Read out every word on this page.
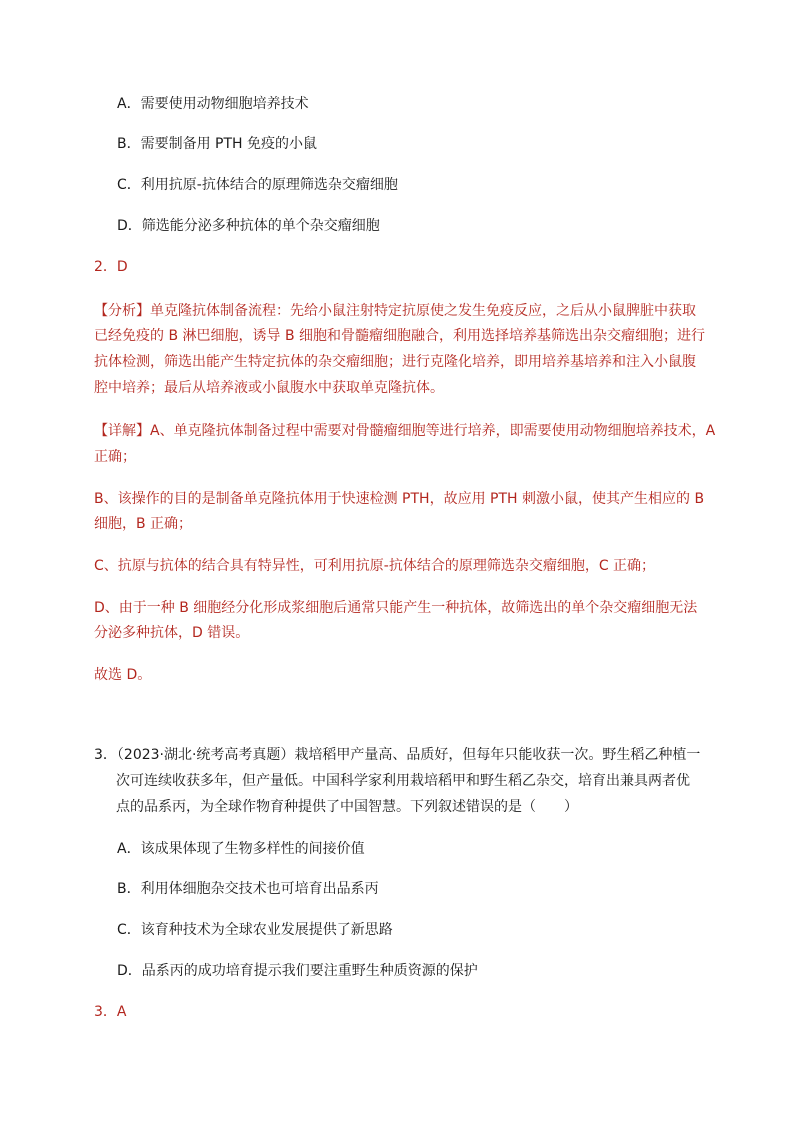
A．需要使用动物细胞培养技术
B．需要制备用 PTH 免疫的小鼠
C．利用抗原-抗体结合的原理筛选杂交瘤细胞
D．筛选能分泌多种抗体的单个杂交瘤细胞
2．D
【分析】单克隆抗体制备流程：先给小鼠注射特定抗原使之发生免疫反应，之后从小鼠脾脏中获取
已经免疫的 B 淋巴细胞，诱导 B 细胞和骨髓瘤细胞融合，利用选择培养基筛选出杂交瘤细胞；进行
抗体检测，筛选出能产生特定抗体的杂交瘤细胞；进行克隆化培养，即用培养基培养和注入小鼠腹
腔中培养；最后从培养液或小鼠腹水中获取单克隆抗体。
【详解】A、单克隆抗体制备过程中需要对骨髓瘤细胞等进行培养，即需要使用动物细胞培养技术，A
正确；
B、该操作的目的是制备单克隆抗体用于快速检测 PTH，故应用 PTH 刺激小鼠，使其产生相应的 B
细胞，B 正确；
C、抗原与抗体的结合具有特异性，可利用抗原-抗体结合的原理筛选杂交瘤细胞，C 正确；
D、由于一种 B 细胞经分化形成浆细胞后通常只能产生一种抗体，故筛选出的单个杂交瘤细胞无法
分泌多种抗体，D 错误。
故选 D。
3．（2023·湖北·统考高考真题）栽培稻甲产量高、品质好，但每年只能收获一次。野生稻乙种植一
次可连续收获多年，但产量低。中国科学家利用栽培稻甲和野生稻乙杂交，培育出兼具两者优
点的品系丙，为全球作物育种提供了中国智慧。下列叙述错误的是（　　）
A．该成果体现了生物多样性的间接价值
B．利用体细胞杂交技术也可培育出品系丙
C．该育种技术为全球农业发展提供了新思路
D．品系丙的成功培育提示我们要注重野生种质资源的保护
3．A
